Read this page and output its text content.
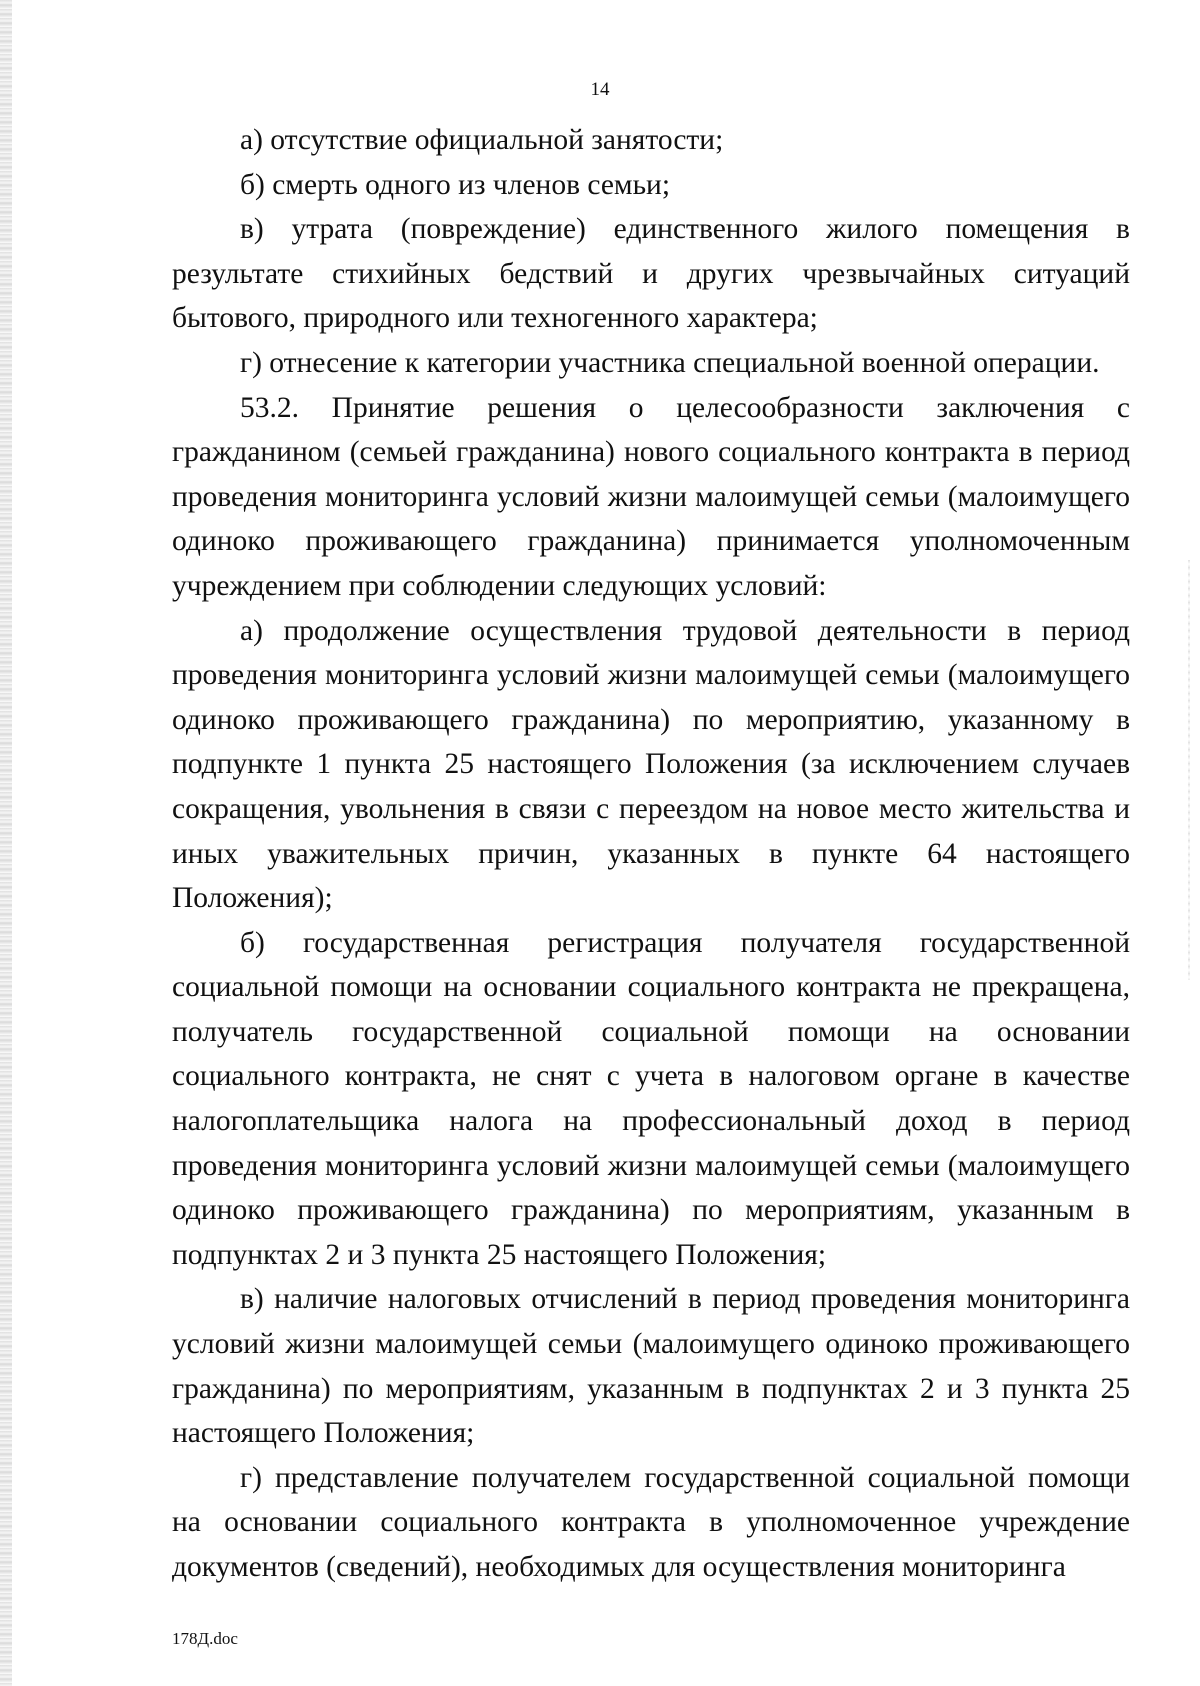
14

а) отсутствие официальной занятости;

б) смерть одного из членов семьи;

в) утрата (повреждение) единственного жилого помещения в результате стихийных бедствий и других чрезвычайных ситуаций бытового, природного или техногенного характера;

г) отнесение к категории участника специальной военной операции.

53.2. Принятие решения о целесообразности заключения с гражданином (семьей гражданина) нового социального контракта в период проведения мониторинга условий жизни малоимущей семьи (малоимущего одиноко проживающего гражданина) принимается уполномоченным учреждением при соблюдении следующих условий:

а) продолжение осуществления трудовой деятельности в период проведения мониторинга условий жизни малоимущей семьи (малоимущего одиноко проживающего гражданина) по мероприятию, указанному в подпункте 1 пункта 25 настоящего Положения (за исключением случаев сокращения, увольнения в связи с переездом на новое место жительства и иных уважительных причин, указанных в пункте 64 настоящего Положения);

б) государственная регистрация получателя государственной социальной помощи на основании социального контракта не прекращена, получатель государственной социальной помощи на основании социального контракта, не снят с учета в налоговом органе в качестве налогоплательщика налога на профессиональный доход в период проведения мониторинга условий жизни малоимущей семьи (малоимущего одиноко проживающего гражданина) по мероприятиям, указанным в подпунктах 2 и 3 пункта 25 настоящего Положения;

в) наличие налоговых отчислений в период проведения мониторинга условий жизни малоимущей семьи (малоимущего одиноко проживающего гражданина) по мероприятиям, указанным в подпунктах 2 и 3 пункта 25 настоящего Положения;

г) представление получателем государственной социальной помощи на основании социального контракта в уполномоченное учреждение документов (сведений), необходимых для осуществления мониторинга

178Д.doc
